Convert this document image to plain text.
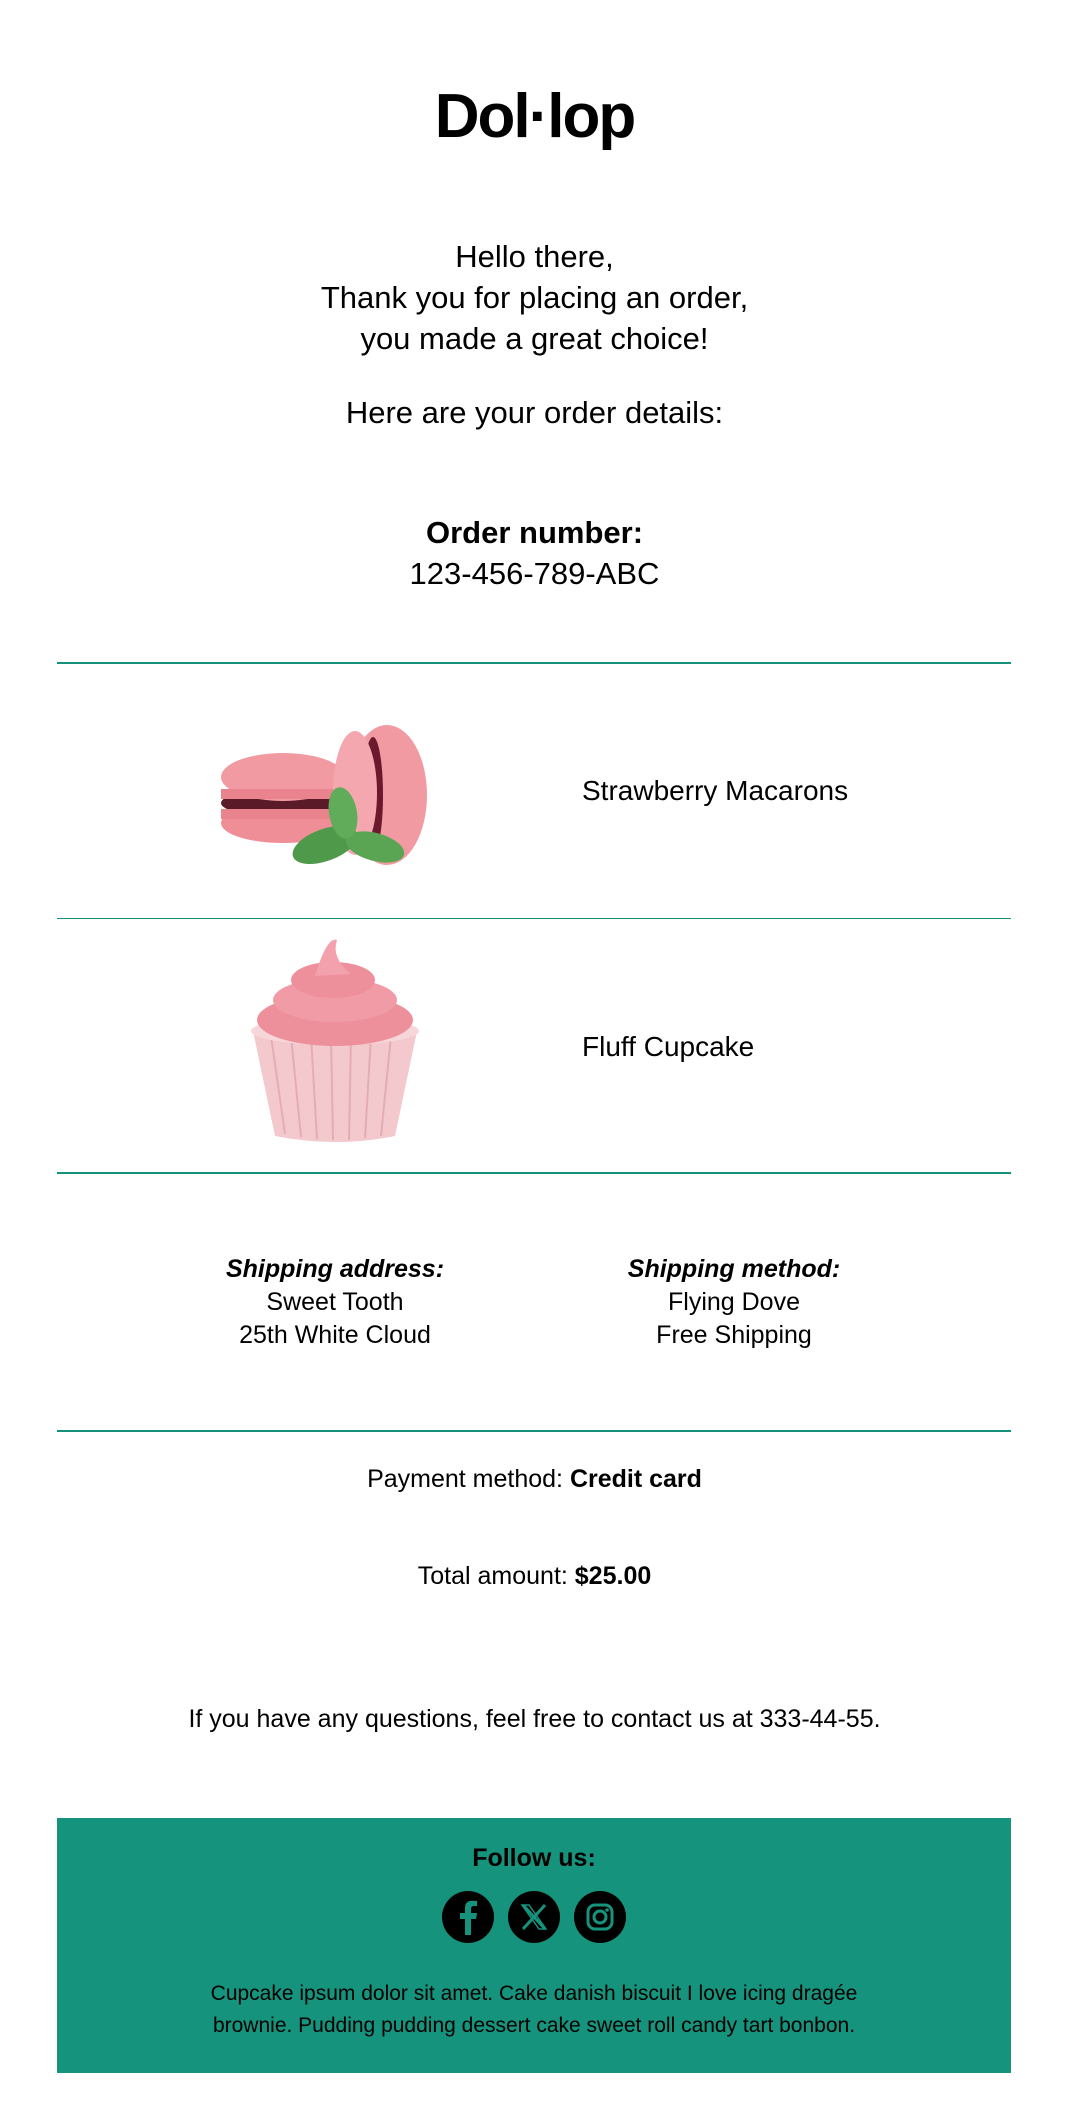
Dol·lop
Hello there,
Thank you for placing an order,
you made a great choice!
Here are your order details:
Order number:
123-456-789-ABC
Strawberry Macarons
Fluff Cupcake
Shipping address:
Sweet Tooth
25th White Cloud
Shipping method:
Flying Dove
Free Shipping
Payment method: Credit card
Total amount: $25.00
If you have any questions, feel free to contact us at 333-44-55.
Follow us:

Cupcake ipsum dolor sit amet. Cake danish biscuit I love icing dragée
brownie. Pudding pudding dessert cake sweet roll candy tart bonbon.
